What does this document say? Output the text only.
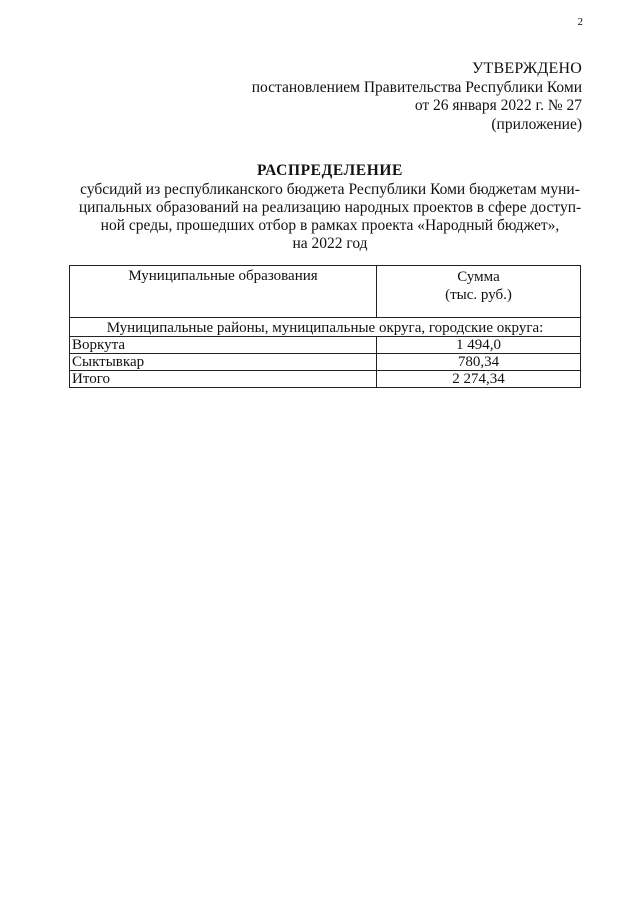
2
УТВЕРЖДЕНО
постановлением Правительства Республики Коми
от 26 января 2022 г. № 27
(приложение)
РАСПРЕДЕЛЕНИЕ
субсидий из республиканского бюджета Республики Коми бюджетам муни-
ципальных образований на реализацию народных проектов в сфере доступ-
ной среды, прошедших отбор в рамках проекта «Народный бюджет»,
на 2022 год
Муниципальные образования	Сумма
(тыс. руб.)

Муниципальные районы, муниципальные округа, городские округа:	
Воркута	1 494,0
Сыктывкар	780,34
Итого	2 274,34
